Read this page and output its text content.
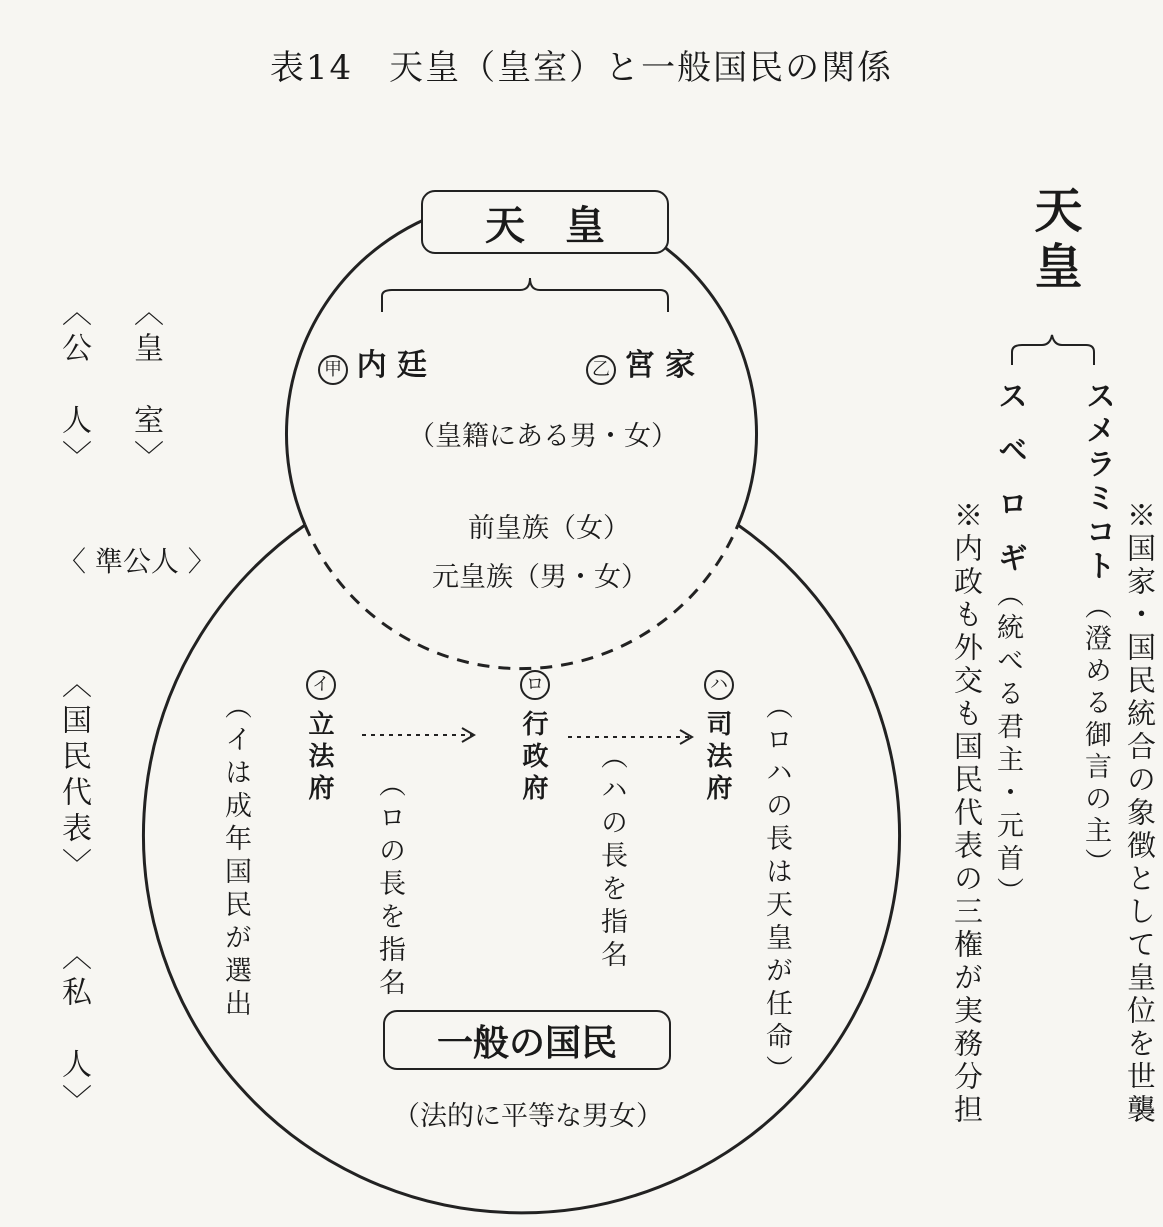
表14　天皇（皇室）と一般国民の関係
天　皇
甲 内 廷	乙 宮 家
（皇籍にある男・女）
前皇族（女）
元皇族（男・女）
イ
立法府
ロ
行政府
ハ
司法府
（イは成年国民が選出	（ロの長を指名	（ハの長を指名	（ロハの長は天皇が任命）
一般の国民
（法的に平等な男女）
〈皇　室〉
〈公　人〉
〈 準公人 〉
〈国民代表〉
〈私　人〉
天皇
スメラミコト
（澄める御言の主）
スベロギ
（統べる君主・元首）
※内政も外交も国民代表の三権が実務分担	※国家・国民統合の象徴として皇位を世襲
